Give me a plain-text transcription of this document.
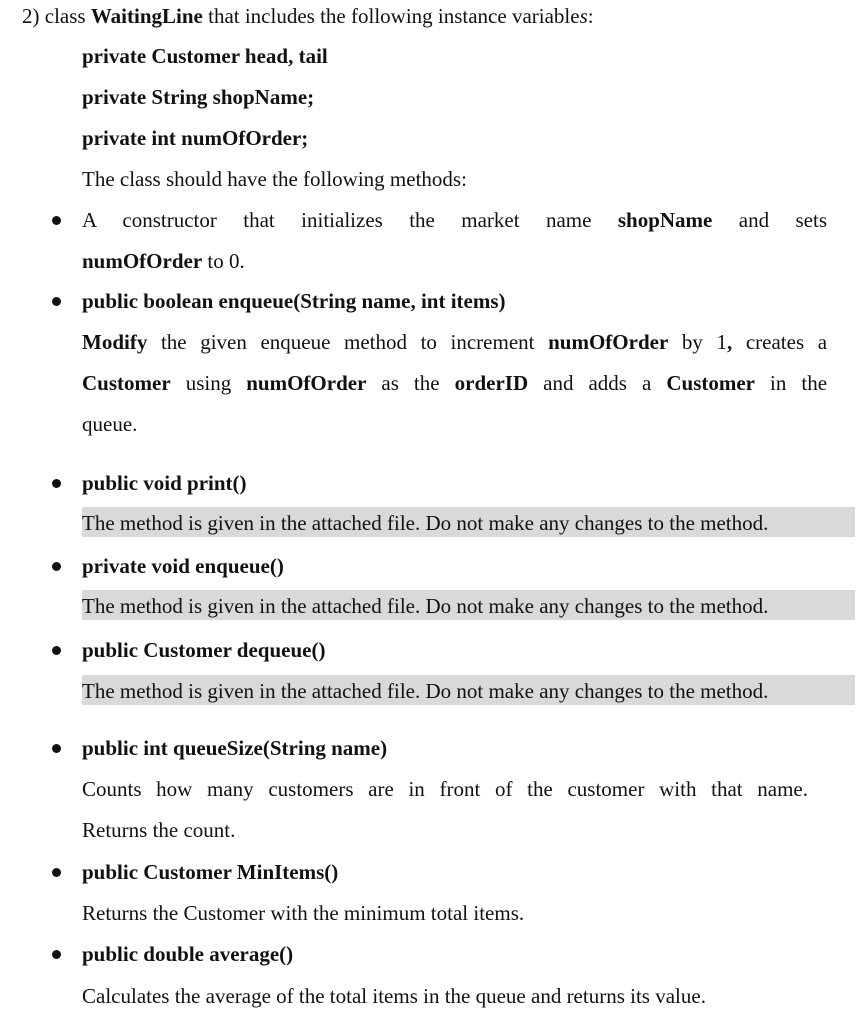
2) class WaitingLine that includes the following instance variables:
private Customer head, tail
private String shopName;
private int numOfOrder;
The class should have the following methods:
A constructor that initializes the market name shopName and sets
numOfOrder to 0.
public boolean enqueue(String name, int items)
Modify the given enqueue method to increment numOfOrder by 1, creates a
Customer using numOfOrder as the orderID and adds a Customer in the
queue.
public void print()
The method is given in the attached file. Do not make any changes to the method.
private void enqueue()
The method is given in the attached file. Do not make any changes to the method.
public Customer dequeue()
The method is given in the attached file. Do not make any changes to the method.
public int queueSize(String name)
Counts how many customers are in front of the customer with that name.
Returns the count.
public Customer MinItems()
Returns the Customer with the minimum total items.
public double average()
Calculates the average of the total items in the queue and returns its value.
